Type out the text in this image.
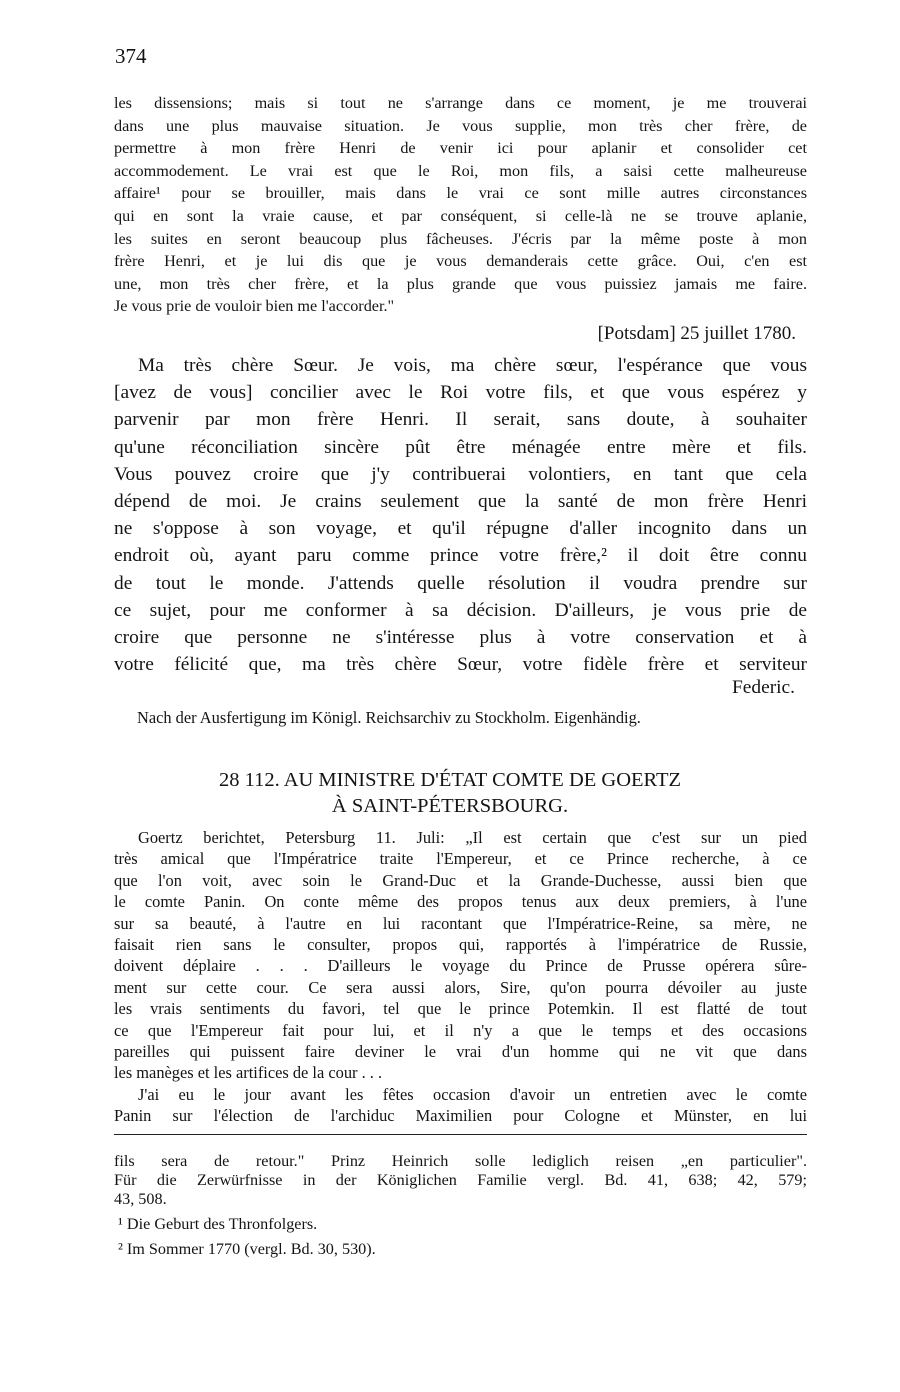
374
les dissensions; mais si tout ne s'arrange dans ce moment, je me trouverai
dans une plus mauvaise situation. Je vous supplie, mon très cher frère, de
permettre à mon frère Henri de venir ici pour aplanir et consolider cet
accommodement. Le vrai est que le Roi, mon fils, a saisi cette malheureuse
affaire¹ pour se brouiller, mais dans le vrai ce sont mille autres circonstances
qui en sont la vraie cause, et par conséquent, si celle-là ne se trouve aplanie,
les suites en seront beaucoup plus fâcheuses. J'écris par la même poste à mon
frère Henri, et je lui dis que je vous demanderais cette grâce. Oui, c'en est
une, mon très cher frère, et la plus grande que vous puissiez jamais me faire.
Je vous prie de vouloir bien me l'accorder."
[Potsdam] 25 juillet 1780.
Ma très chère Sœur. Je vois, ma chère sœur, l'espérance que vous
[avez de vous] concilier avec le Roi votre fils, et que vous espérez y
parvenir par mon frère Henri. Il serait, sans doute, à souhaiter
qu'une réconciliation sincère pût être ménagée entre mère et fils.
Vous pouvez croire que j'y contribuerai volontiers, en tant que cela
dépend de moi. Je crains seulement que la santé de mon frère Henri
ne s'oppose à son voyage, et qu'il répugne d'aller incognito dans un
endroit où, ayant paru comme prince votre frère,² il doit être connu
de tout le monde. J'attends quelle résolution il voudra prendre sur
ce sujet, pour me conformer à sa décision. D'ailleurs, je vous prie de
croire que personne ne s'intéresse plus à votre conservation et à
votre félicité que, ma très chère Sœur, votre fidèle frère et serviteur
Federic.
Nach der Ausfertigung im Königl. Reichsarchiv zu Stockholm. Eigenhändig.
28 112. AU MINISTRE D'ÉTAT COMTE DE GOERTZ
À SAINT-PÉTERSBOURG.
Goertz berichtet, Petersburg 11. Juli: „Il est certain que c'est sur un pied
très amical que l'Impératrice traite l'Empereur, et ce Prince recherche, à ce
que l'on voit, avec soin le Grand-Duc et la Grande-Duchesse, aussi bien que
le comte Panin. On conte même des propos tenus aux deux premiers, à l'une
sur sa beauté, à l'autre en lui racontant que l'Impératrice-Reine, sa mère, ne
faisait rien sans le consulter, propos qui, rapportés à l'impératrice de Russie,
doivent déplaire . . . D'ailleurs le voyage du Prince de Prusse opérera sûre-
ment sur cette cour. Ce sera aussi alors, Sire, qu'on pourra dévoiler au juste
les vrais sentiments du favori, tel que le prince Potemkin. Il est flatté de tout
ce que l'Empereur fait pour lui, et il n'y a que le temps et des occasions
pareilles qui puissent faire deviner le vrai d'un homme qui ne vit que dans
les manèges et les artifices de la cour . . .
J'ai eu le jour avant les fêtes occasion d'avoir un entretien avec le comte
Panin sur l'élection de l'archiduc Maximilien pour Cologne et Münster, en lui
fils sera de retour." Prinz Heinrich solle lediglich reisen „en particulier".
Für die Zerwürfnisse in der Königlichen Familie vergl. Bd. 41, 638; 42, 579;
43, 508.
¹ Die Geburt des Thronfolgers.
² Im Sommer 1770 (vergl. Bd. 30, 530).
